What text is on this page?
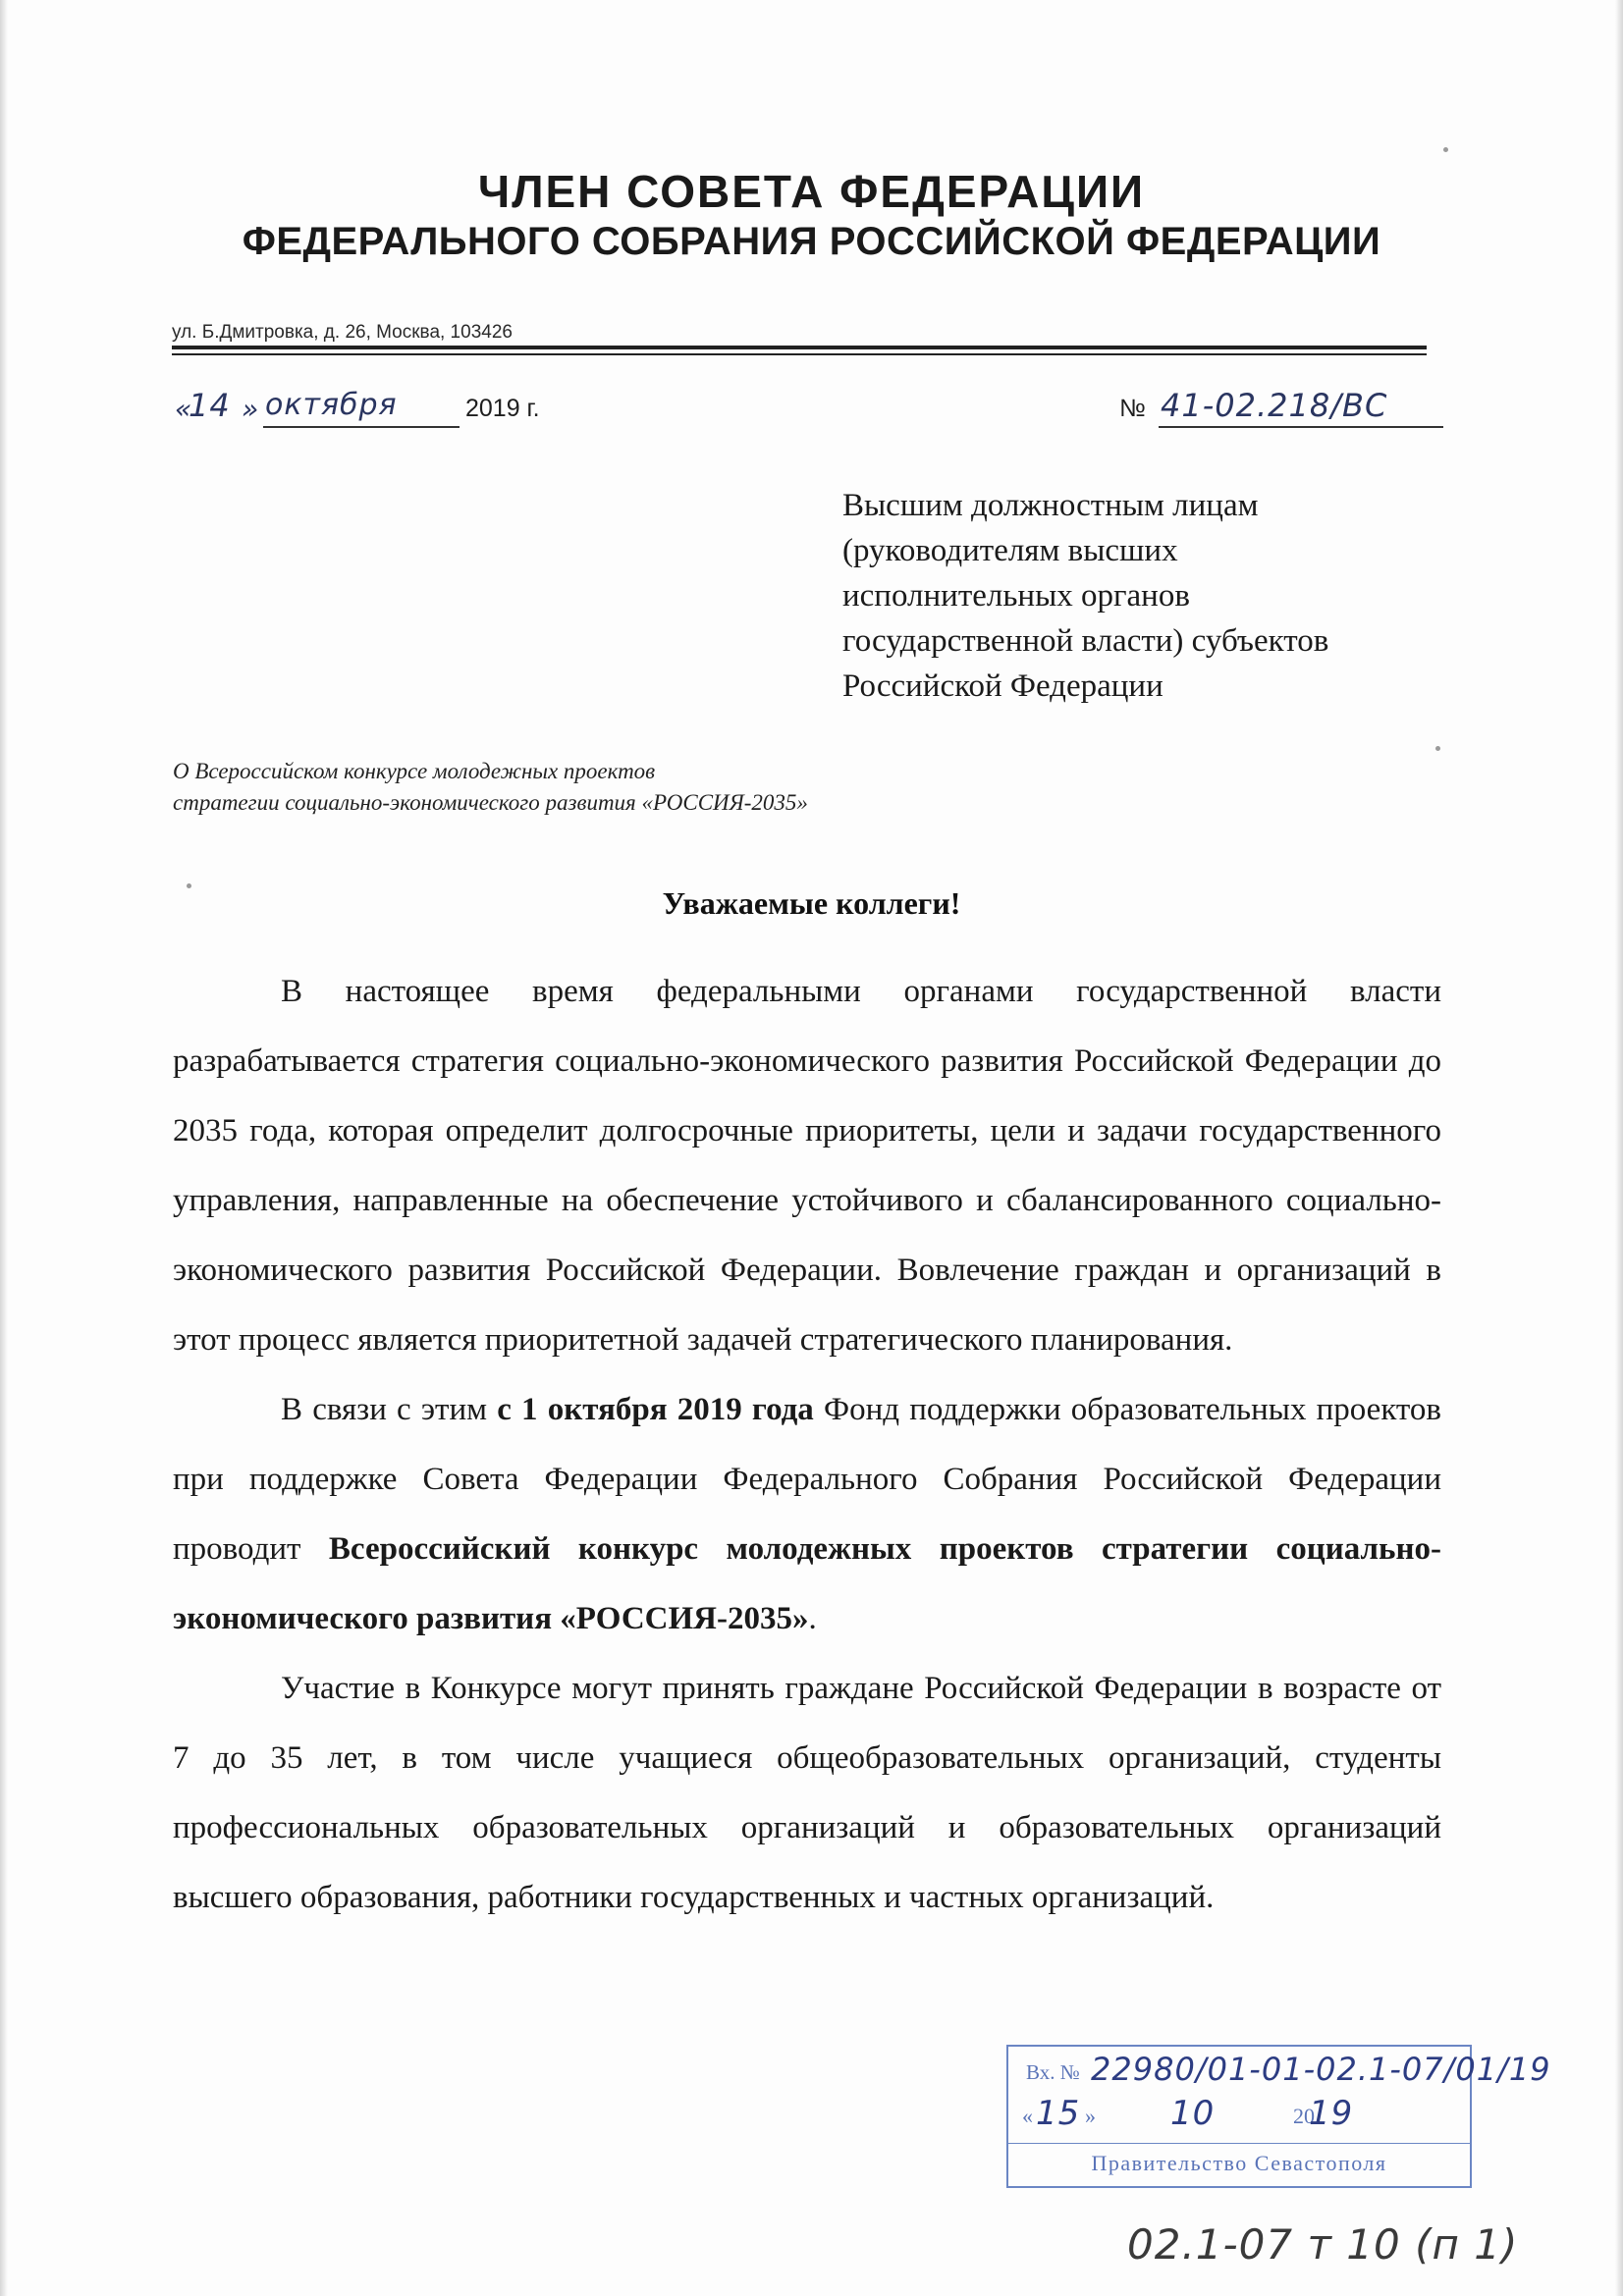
ЧЛЕН СОВЕТА ФЕДЕРАЦИИ
ФЕДЕРАЛЬНОГО СОБРАНИЯ РОССИЙСКОЙ ФЕДЕРАЦИИ
ул. Б.Дмитровка, д. 26, Москва, 103426
«
14 » октября	2019 г.	№ 41-02.218/ВС
Высшим должностным лицам
(руководителям высших
исполнительных органов
государственной власти) субъектов
Российской Федерации
О Всероссийском конкурсе молодежных проектов
стратегии социально-экономического развития «РОССИЯ-2035»
Уважаемые коллеги!

В настоящее время федеральными органами государственной власти разрабатывается стратегия социально-экономического развития Российской Федерации до 2035 года, которая определит долгосрочные приоритеты, цели и задачи государственного управления, направленные на обеспечение устойчивого и сбалансированного социально-экономического развития Российской Федерации. Вовлечение граждан и организаций в этот процесс является приоритетной задачей стратегического планирования.

В связи с этим с 1 октября 2019 года Фонд поддержки образовательных проектов при поддержке Совета Федерации Федерального Собрания Российской Федерации проводит Всероссийский конкурс молодежных проектов стратегии социально-экономического развития «РОССИЯ-2035».

Участие в Конкурсе могут принять граждане Российской Федерации в возрасте от 7 до 35 лет, в том числе учащиеся общеобразовательных организаций, студенты профессиональных образовательных организаций и образовательных организаций высшего образования, работники государственных и частных организаций.

Вх. № 22980/01-01-02.1-07/01/19
« 15 » 10	20
19
Правительство Севастополя
02.1-07 т 10 (п 1)
